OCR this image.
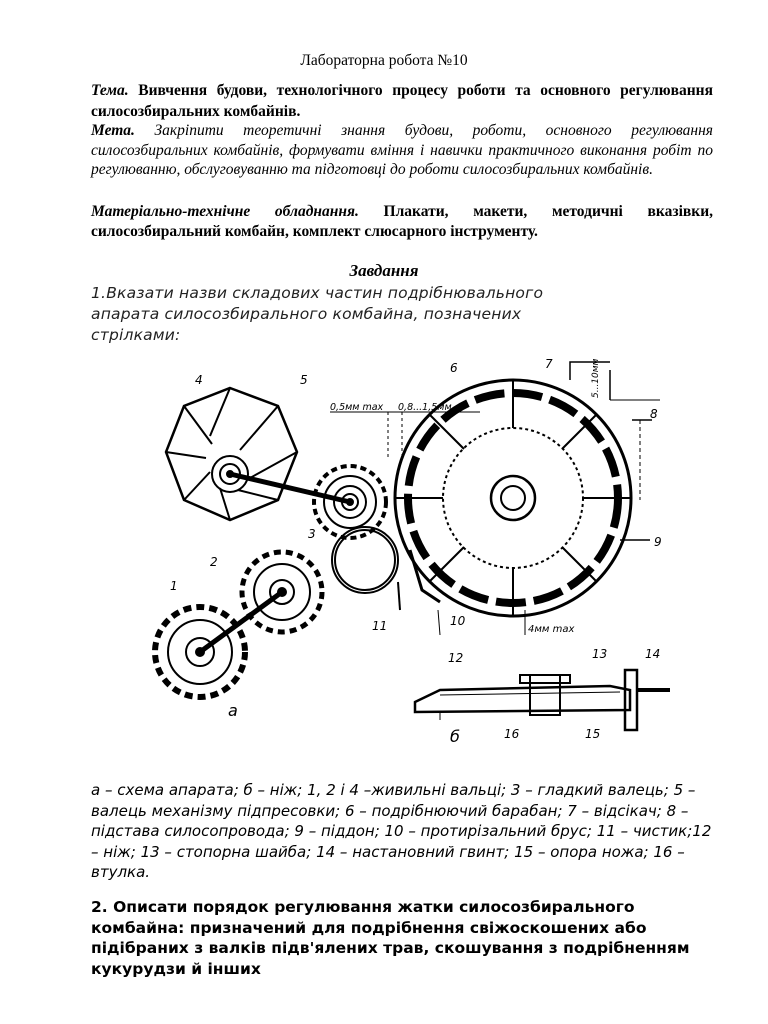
Лабораторна робота №10
Тема. Вивчення будови, технологічного процесу роботи та основного регулювання силосозбиральних комбайнів.
Мета. Закріпити теоретичні знання будови, роботи, основного регулювання силосозбиральних комбайнів, формувати вміння і навички практичного виконання робіт по регулюванню, обслуговуванню та підготовці до роботи силосозбиральних комбайнів.
Матеріально-технічне обладнання. Плакати, макети, методичні вказівки, силосозбиральний комбайн, комплект слюсарного інструменту.
Завдання
1.Вказати назви складових частин подрібнювального апарата силосозбирального комбайна, позначених стрілками:
4	5
6	7
8
9
3
2
1
11	10
12	13	14
15
16
0,5мм max 0,8...1,5мм
4мм max
5...10мм
а
б
а – схема апарата; б – ніж; 1, 2 і 4 –живильні вальці; 3 – гладкий валець; 5 – валець механізму підпресовки; 6 – подрібнюючий барабан; 7 – відсікач; 8 – підстава силосопровода; 9 – піддон; 10 – протирізальний брус; 11 – чистик;12 – ніж; 13 – стопорна шайба; 14 – настановний гвинт; 15 – опора ножа; 16 – втулка.
2. Описати порядок регулювання жатки силосозбирального комбайна: призначений для подрібнення свіжоскошених або підібраних з валків підв'ялених трав, скошування з подрібненням кукурудзи й інших
